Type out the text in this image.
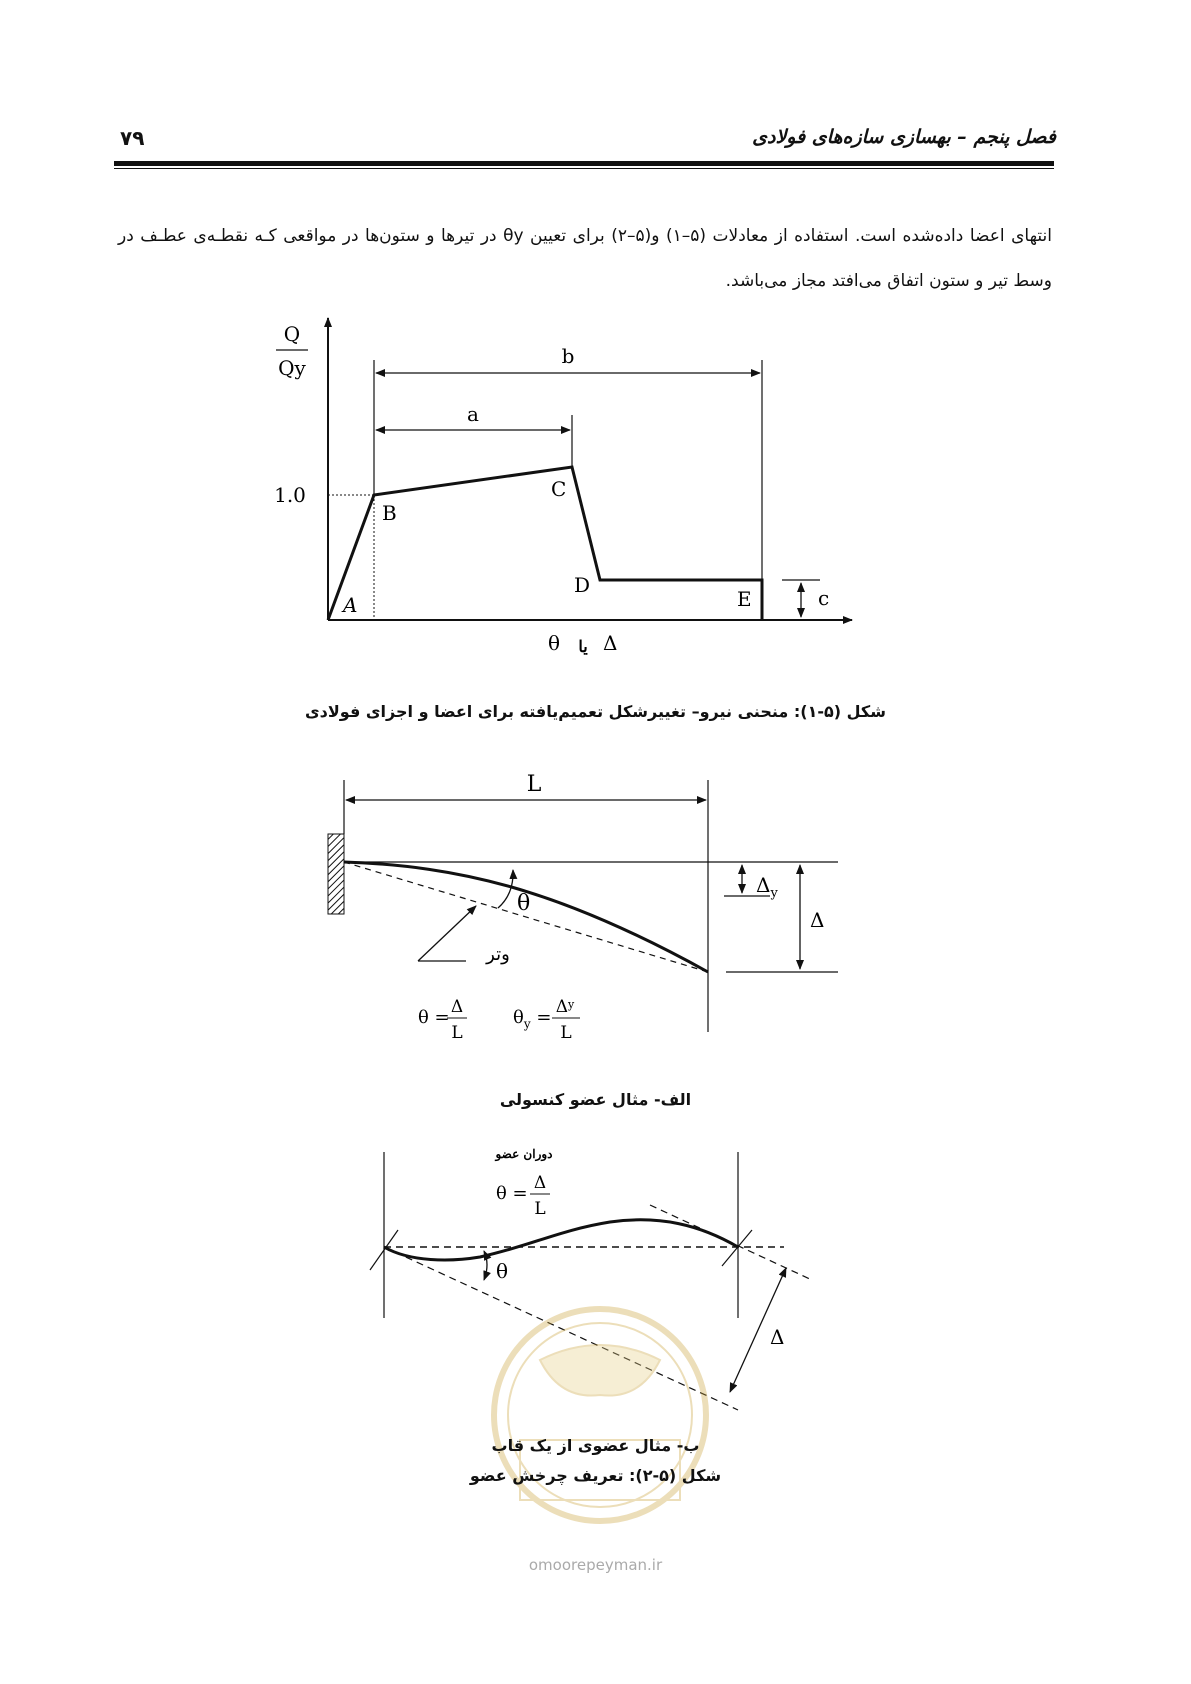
فصل پنجم – بهسازی سازه‌های فولادی
۷۹
انتهای اعضا داده‌شده است. استفاده از معادلات (۵–۱) و(۵–۲) برای تعیین θy در تیرها و ستون‌ها در مواقعی کـه نقطـه‌ی عطـف در وسط تیر و ستون اتفاق می‌افتد مجاز می‌باشد.
Q
Qy
1.0
b
a
c
A
B
C
D
E
θ یا Δ
L
θ
وتر
$\Delta_y$
Δ
θ = Δ
L
$\theta_y = \Delta^y$
L
Δ
θ
دوران عضو
θ = Δ
L
شکل (۵-۱): منحنی نیرو– تغییرشکل تعمیم‌یافته برای اعضا و اجزای فولادی
الف- مثال عضو کنسولی
ب- مثال عضوی از یک قاب
شکل (۵-۲): تعریف چرخش عضو
omoorepeyman.ir
